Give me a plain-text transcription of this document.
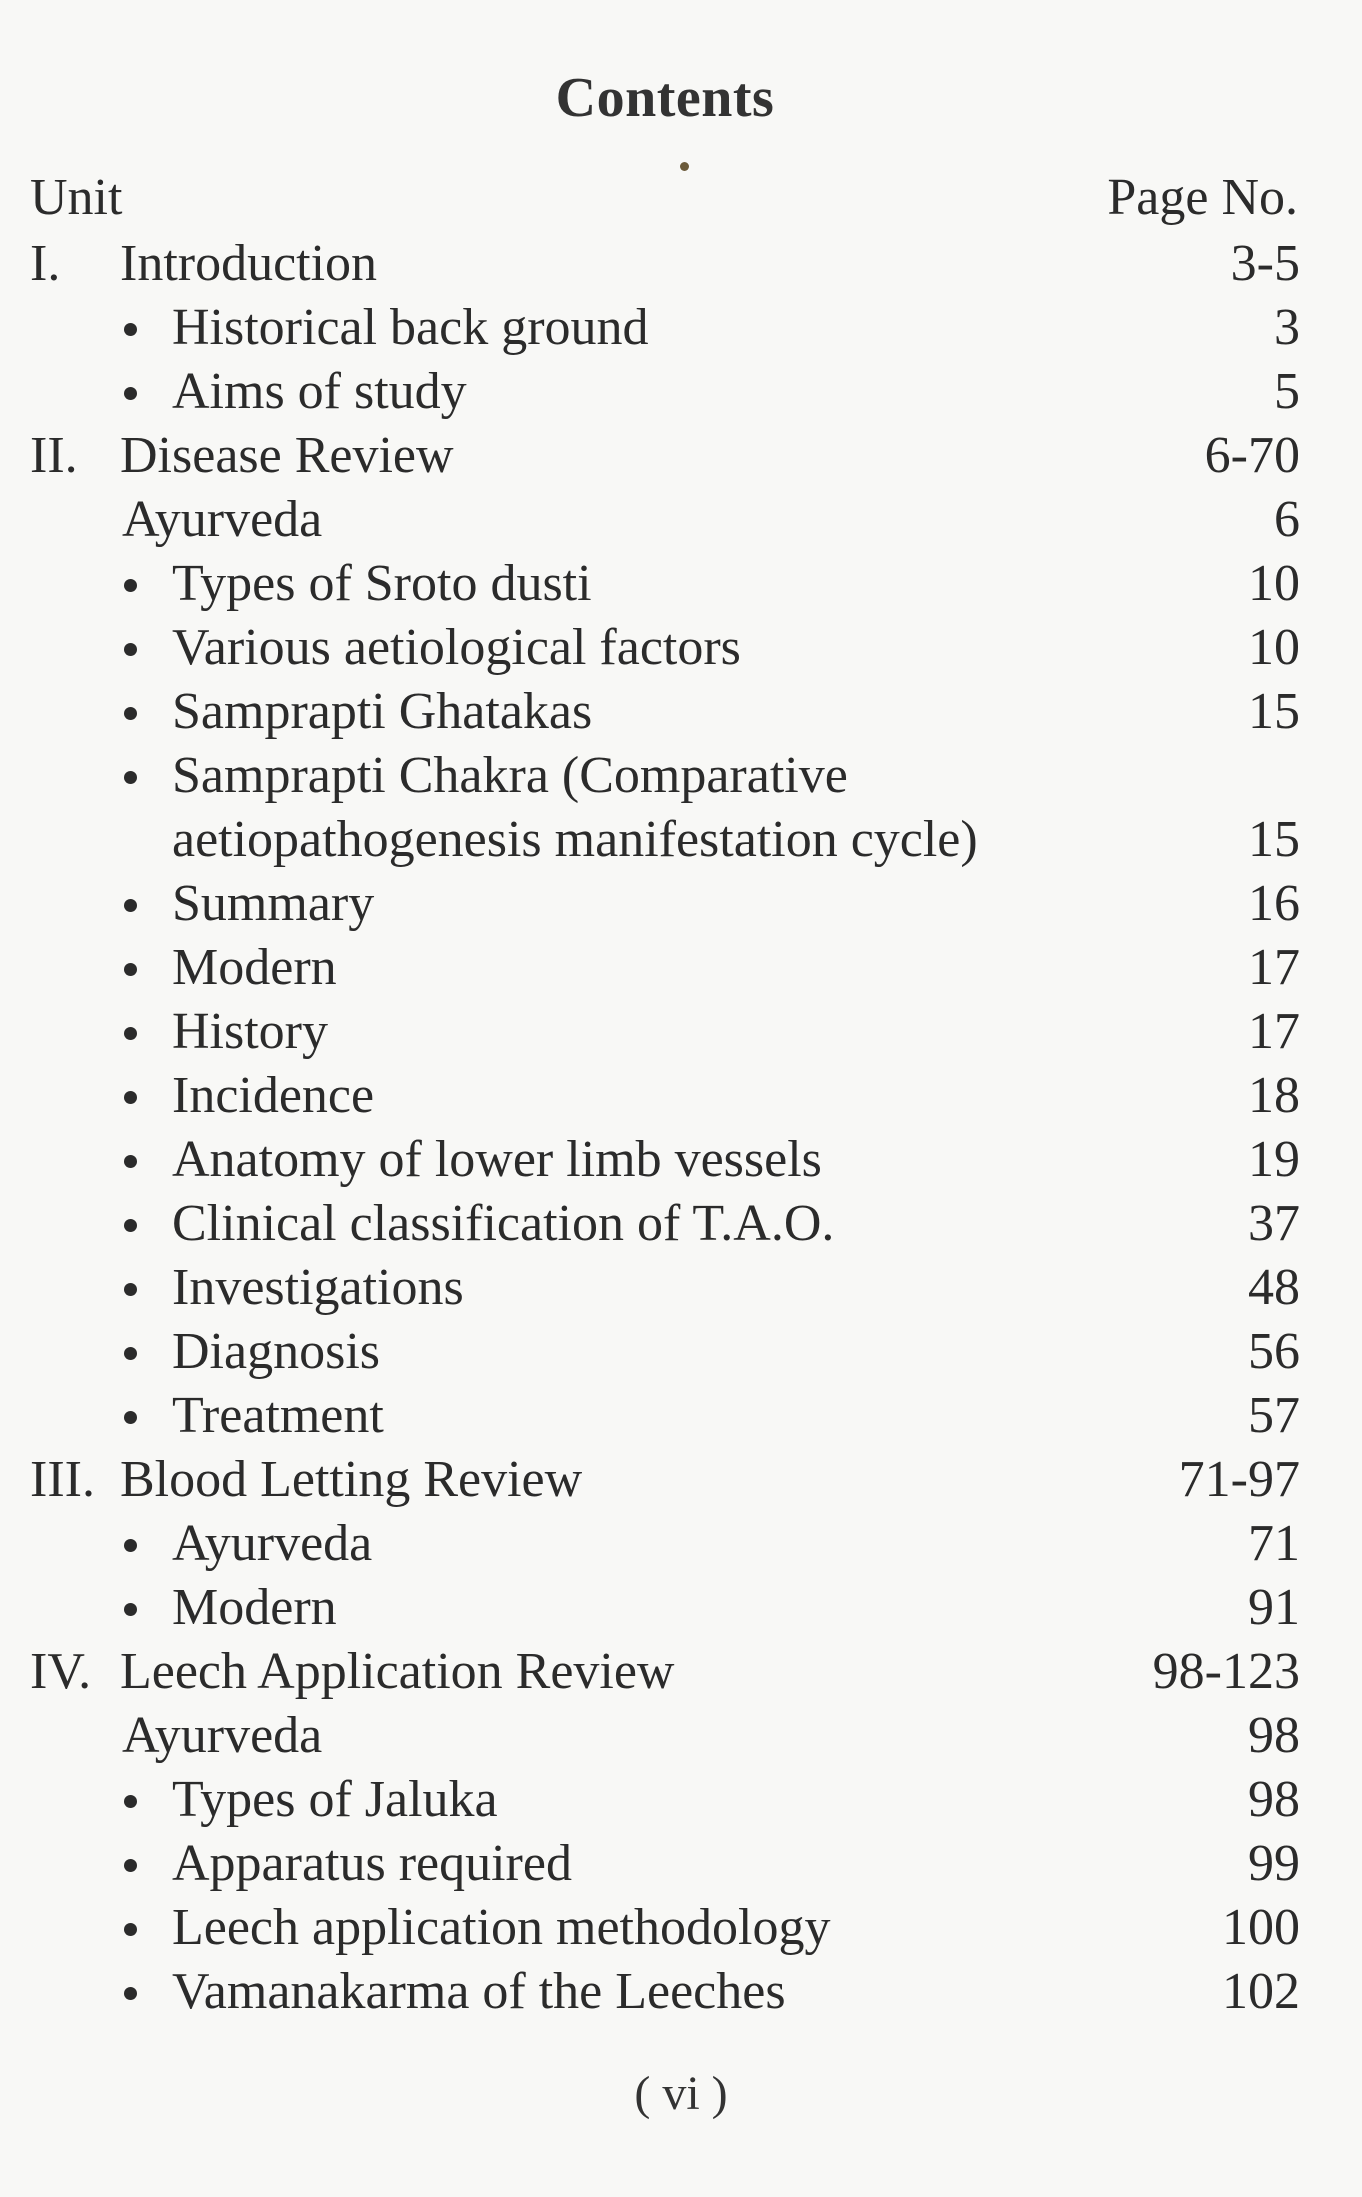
Contents
Unit	Page No.
I. Introduction	3-5
Historical back ground	3
Aims of study	5
II. Disease Review	6-70
Ayurveda	6
Types of Sroto dusti	10
Various aetiological factors	10
Samprapti Ghatakas	15
Samprapti Chakra (Comparative
aetiopathogenesis manifestation cycle)	15
Summary	16
Modern	17
History	17
Incidence	18
Anatomy of lower limb vessels	19
Clinical classification of T.A.O.	37
Investigations	48
Diagnosis	56
Treatment	57
III. Blood Letting Review	71-97
Ayurveda	71
Modern	91
IV. Leech Application Review	98-123
Ayurveda	98
Types of Jaluka	98
Apparatus required	99
Leech application methodology	100
Vamanakarma of the Leeches	102
( vi )
